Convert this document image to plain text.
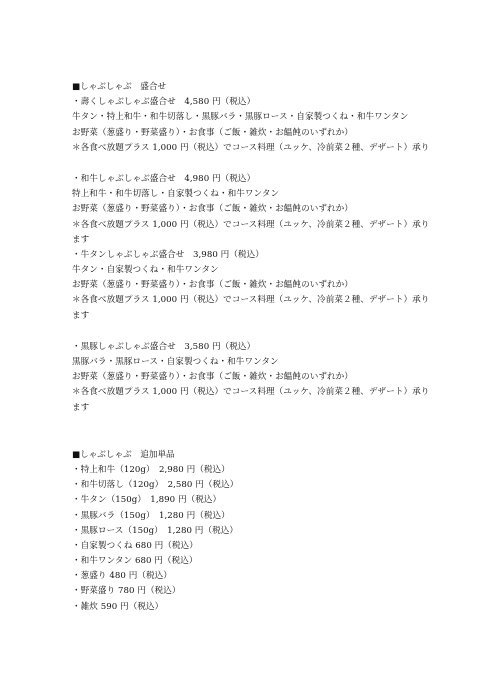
■しゃぶしゃぶ　盛合せ
・壽くしゃぶしゃぶ盛合せ　4,580 円（税込）
牛タン・特上和牛・和牛切落し・黒豚バラ・黒豚ロース・自家製つくね・和牛ワンタン
お野菜（葱盛り・野菜盛り）・お食事（ご飯・雑炊・お饂飩のいずれか）
＊各食べ放題プラス 1,000 円（税込）でコース料理（ユッケ、冷前菜２種、デザート）承り
・和牛しゃぶしゃぶ盛合せ　4,980 円（税込）
特上和牛・和牛切落し・自家製つくね・和牛ワンタン
お野菜（葱盛り・野菜盛り）・お食事（ご飯・雑炊・お饂飩のいずれか）
＊各食べ放題プラス 1,000 円（税込）でコース料理（ユッケ、冷前菜２種、デザート）承り
ます
・牛タンしゃぶしゃぶ盛合せ　3,980 円（税込）
牛タン・自家製つくね・和牛ワンタン
お野菜（葱盛り・野菜盛り）・お食事（ご飯・雑炊・お饂飩のいずれか）
＊各食べ放題プラス 1,000 円（税込）でコース料理（ユッケ、冷前菜２種、デザート）承り
ます
・黒豚しゃぶしゃぶ盛合せ　3,580 円（税込）
黒豚バラ・黒豚ロース・自家製つくね・和牛ワンタン
お野菜（葱盛り・野菜盛り）・お食事（ご飯・雑炊・お饂飩のいずれか）
＊各食べ放題プラス 1,000 円（税込）でコース料理（ユッケ、冷前菜２種、デザート）承り
ます
■しゃぶしゃぶ　追加単品
・特上和牛（120g）　2,980 円（税込）
・和牛切落し（120g）　2,580 円（税込）
・牛タン（150g）　1,890 円（税込）
・黒豚バラ（150g）　1,280 円（税込）
・黒豚ロース（150g）　1,280 円（税込）
・自家製つくね 680 円（税込）
・和牛ワンタン 680 円（税込）
・葱盛り 480 円（税込）
・野菜盛り 780 円（税込）
・雑炊 590 円（税込）
